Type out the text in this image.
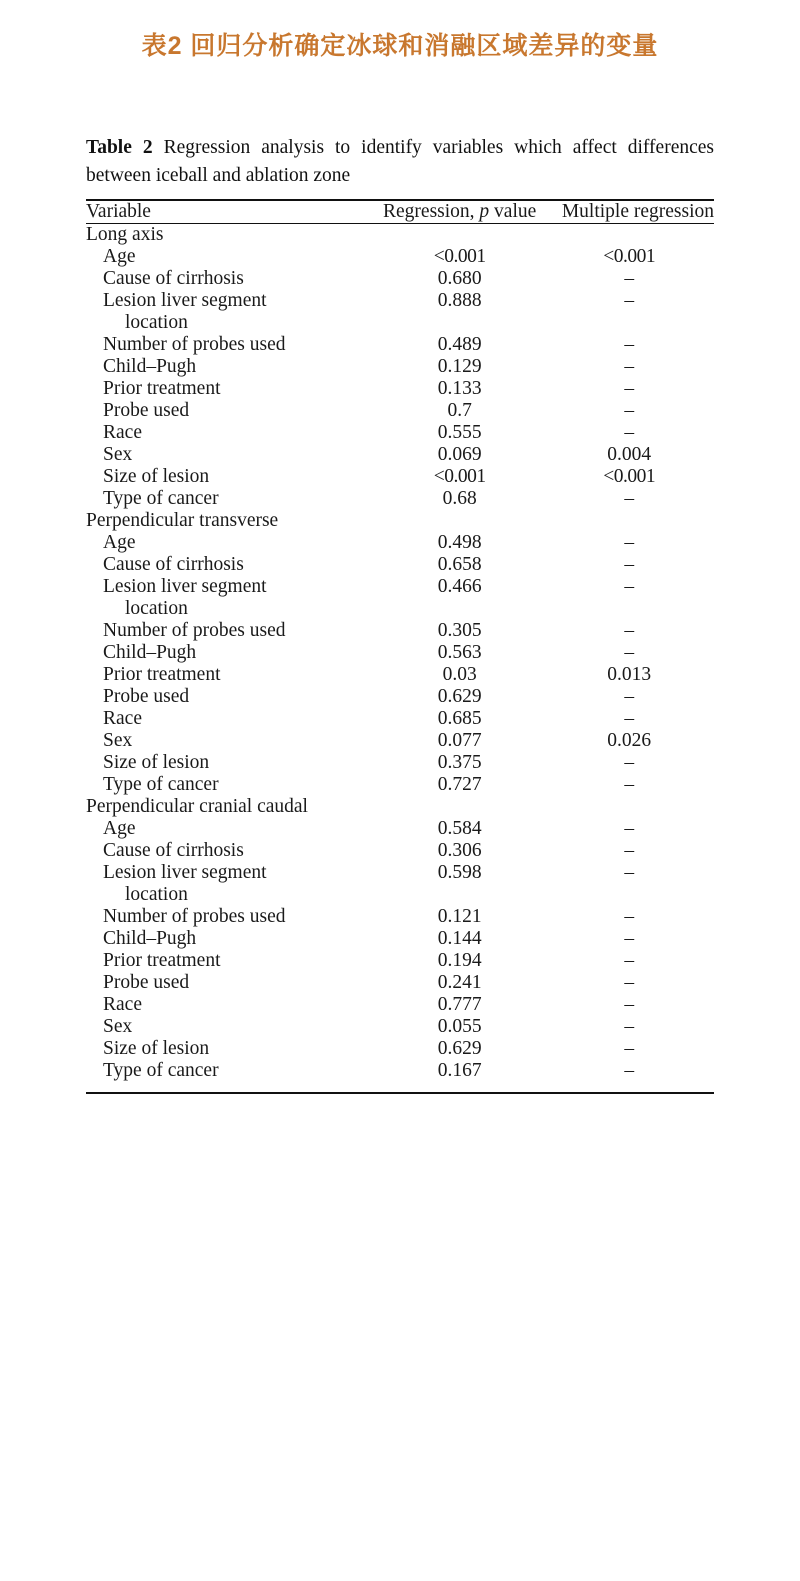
表2 回归分析确定冰球和消融区域差异的变量
Table 2 Regression analysis to identify variables which affect differences between iceball and ablation zone
Variable	Regression, p value	Multiple regression
Long axis		
Age	<0.001	<0.001
Cause of cirrhosis	0.680	–
Lesion liver segment
location	0.888	–
Number of probes used	0.489	–
Child–Pugh	0.129	–
Prior treatment	0.133	–
Probe used	0.7	–
Race	0.555	–
Sex	0.069	0.004
Size of lesion	<0.001	<0.001
Type of cancer	0.68	–
Perpendicular transverse		
Age	0.498	–
Cause of cirrhosis	0.658	–
Lesion liver segment
location	0.466	–
Number of probes used	0.305	–
Child–Pugh	0.563	–
Prior treatment	0.03	0.013
Probe used	0.629	–
Race	0.685	–
Sex	0.077	0.026
Size of lesion	0.375	–
Type of cancer	0.727	–
Perpendicular cranial caudal		
Age	0.584	–
Cause of cirrhosis	0.306	–
Lesion liver segment
location	0.598	–
Number of probes used	0.121	–
Child–Pugh	0.144	–
Prior treatment	0.194	–
Probe used	0.241	–
Race	0.777	–
Sex	0.055	–
Size of lesion	0.629	–
Type of cancer	0.167	–
